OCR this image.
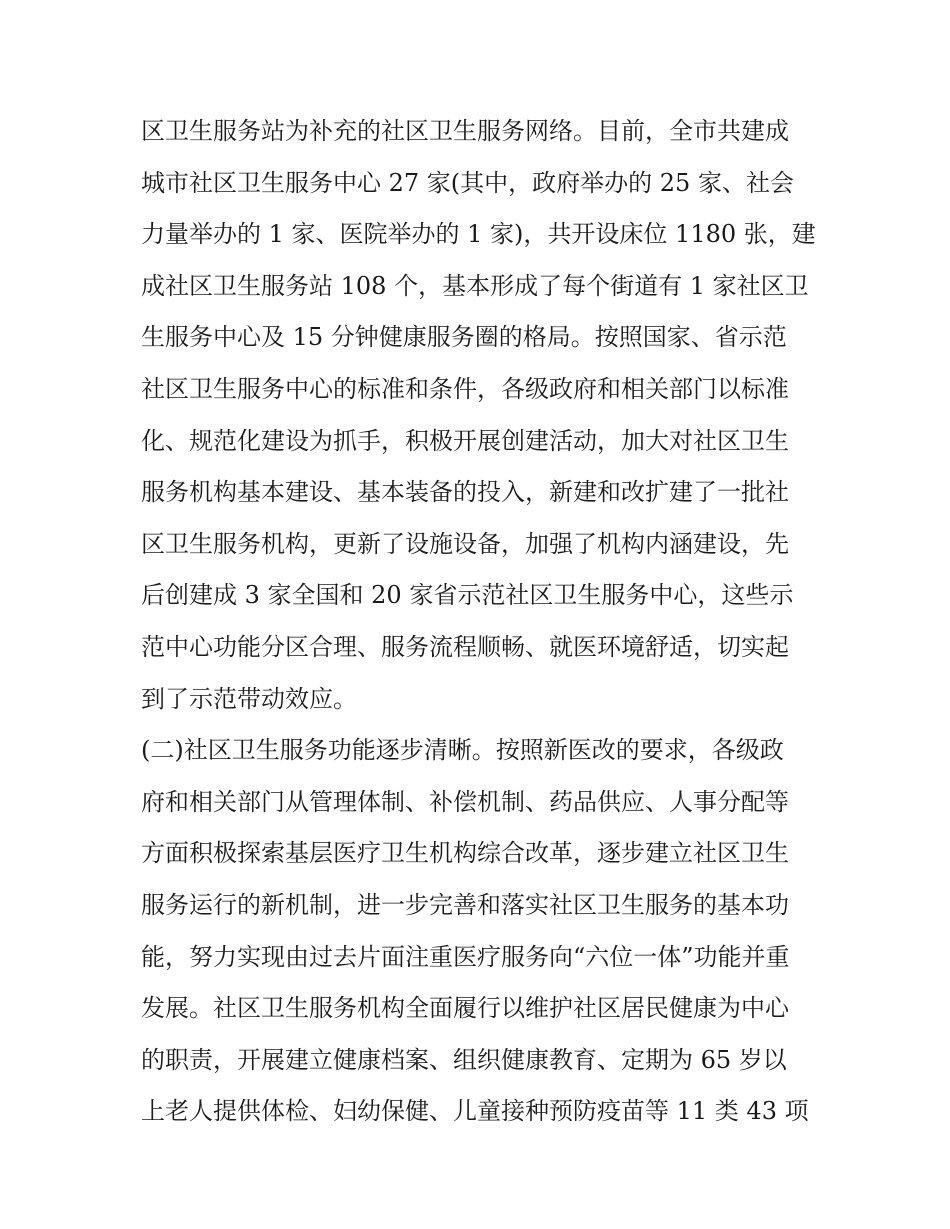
区卫生服务站为补充的社区卫生服务网络。目前，全市共建成
城市社区卫生服务中心 27 家(其中，政府举办的 25 家、社会
力量举办的 1 家、医院举办的 1 家)，共开设床位 1180 张，建
成社区卫生服务站 108 个，基本形成了每个街道有 1 家社区卫
生服务中心及 15 分钟健康服务圈的格局。按照国家、省示范
社区卫生服务中心的标准和条件，各级政府和相关部门以标准
化、规范化建设为抓手，积极开展创建活动，加大对社区卫生
服务机构基本建设、基本装备的投入，新建和改扩建了一批社
区卫生服务机构，更新了设施设备，加强了机构内涵建设，先
后创建成 3 家全国和 20 家省示范社区卫生服务中心，这些示
范中心功能分区合理、服务流程顺畅、就医环境舒适，切实起
到了示范带动效应。
(二)社区卫生服务功能逐步清晰。按照新医改的要求，各级政
府和相关部门从管理体制、补偿机制、药品供应、人事分配等
方面积极探索基层医疗卫生机构综合改革，逐步建立社区卫生
服务运行的新机制，进一步完善和落实社区卫生服务的基本功
能，努力实现由过去片面注重医疗服务向“六位一体”功能并重
发展。社区卫生服务机构全面履行以维护社区居民健康为中心
的职责，开展建立健康档案、组织健康教育、定期为 65 岁以
上老人提供体检、妇幼保健、儿童接种预防疫苗等 11 类 43 项
